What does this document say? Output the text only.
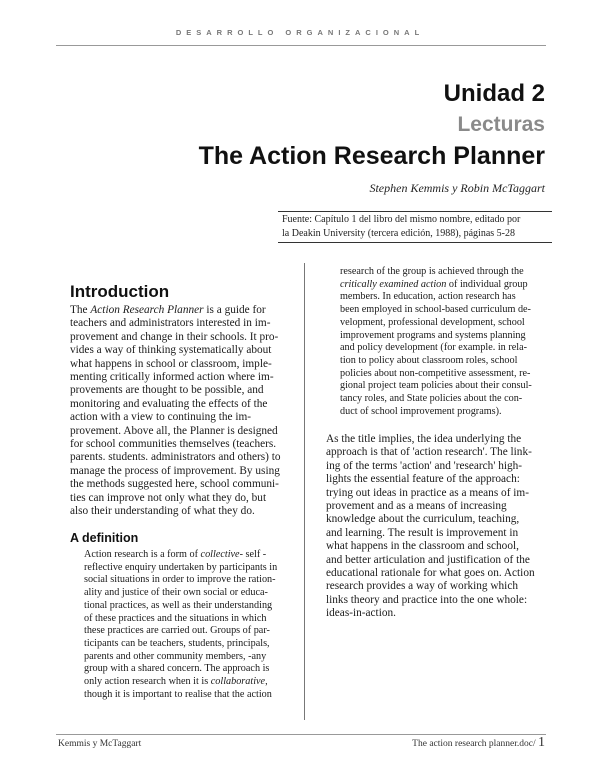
DESARROLLO ORGANIZACIONAL
Unidad 2
Lecturas
The Action Research Planner
Stephen Kemmis y Robin McTaggart
Fuente: Capítulo 1 del libro del mismo nombre, editado por
la Deakin University (tercera edición, 1988), páginas 5-28
Introduction
The Action Research Planner is a guide for
teachers and administrators interested in im-
provement and change in their schools. It pro-
vides a way of thinking systematically about
what happens in school or classroom, imple-
menting critically informed action where im-
provements are thought to be possible, and
monitoring and evaluating the effects of the
action with a view to continuing the im-
provement. Above all, the Planner is designed
for school communities themselves (teachers.
parents. students. administrators and others) to
manage the process of improvement. By using
the methods suggested here, school communi-
ties can improve not only what they do, but
also their understanding of what they do.
A definition
Action research is a form of collective- self -
reflective enquiry undertaken by participants in
social situations in order to improve the ration-
ality and justice of their own social or educa-
tional practices, as well as their understanding
of these practices and the situations in which
these practices are carried out. Groups of par-
ticipants can be teachers, students, principals,
parents and other community members, -any
group with a shared concern. The approach is
only action research when it is collaborative,
though it is important to realise that the action
research of the group is achieved through the
critically examined action of individual group
members. In education, action research has
been employed in school-based curriculum de-
velopment, professional development, school
improvement programs and systems planning
and policy development (for example. in rela-
tion to policy about classroom roles, school
policies about non-competitive assessment, re-
gional project team policies about their consul-
tancy roles, and State policies about the con-
duct of school improvement programs).
As the title implies, the idea underlying the
approach is that of 'action research'. The link-
ing of the terms 'action' and 'research' high-
lights the essential feature of the approach:
trying out ideas in practice as a means of im-
provement and as a means of increasing
knowledge about the curriculum, teaching,
and learning. The result is improvement in
what happens in the classroom and school,
and better articulation and justification of the
educational rationale for what goes on. Action
research provides a way of working which
links theory and practice into the one whole:
ideas-in-action.
Kemmis y McTaggart	The action research planner.doc/ 1
